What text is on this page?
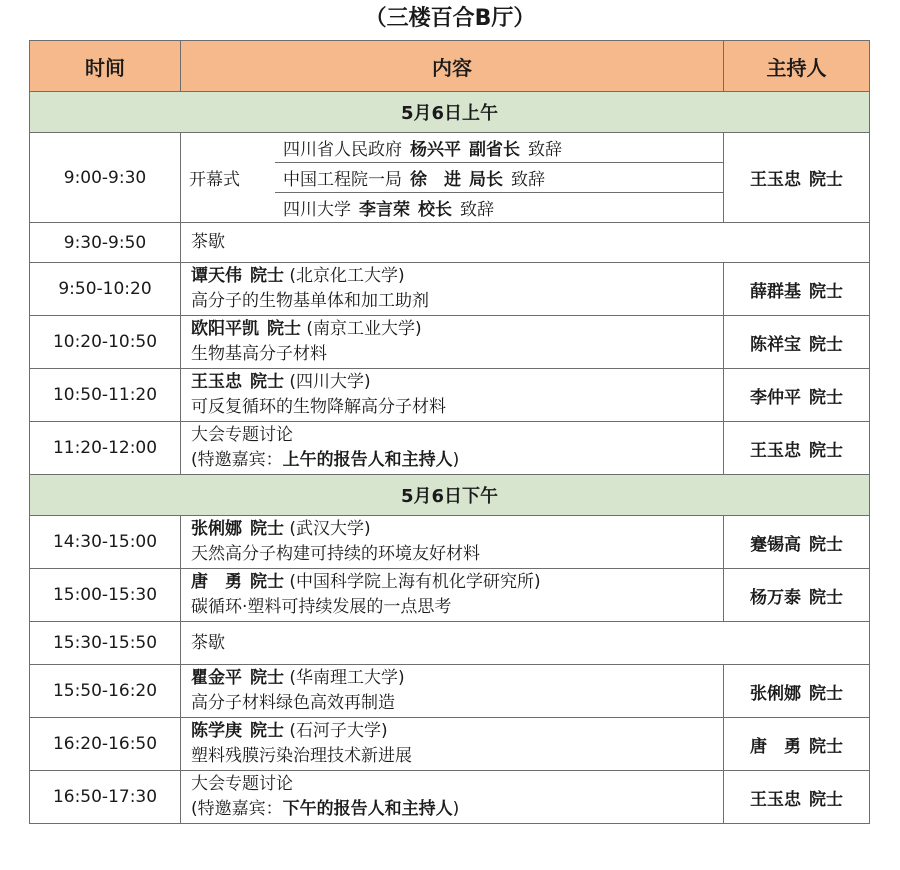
（三楼百合B厅）
时间	内容	主持人
5月6日上午
9:00-9:30		开幕式	四川省人民政府 杨兴平 副省长 致辞
中国工程院一局 徐　进 局长 致辞
四川大学 李言荣 校长 致辞
	王玉忠 院士
9:30-9:50	茶歇
9:50-10:20	谭天伟 院士 (北京化工大学)
高分子的生物基单体和加工助剂	薛群基 院士
10:20-10:50	欧阳平凯 院士 (南京工业大学)
生物基高分子材料	陈祥宝 院士
10:50-11:20	王玉忠 院士 (四川大学)
可反复循环的生物降解高分子材料	李仲平 院士
11:20-12:00	大会专题讨论
(特邀嘉宾：上午的报告人和主持人)	王玉忠 院士
5月6日下午
14:30-15:00	张俐娜 院士 (武汉大学)
天然高分子构建可持续的环境友好材料	蹇锡高 院士
15:00-15:30	唐　勇 院士 (中国科学院上海有机化学研究所)
碳循环·塑料可持续发展的一点思考	杨万泰 院士
15:30-15:50	茶歇
15:50-16:20	瞿金平 院士 (华南理工大学)
高分子材料绿色高效再制造	张俐娜 院士
16:20-16:50	陈学庚 院士 (石河子大学)
塑料残膜污染治理技术新进展	唐　勇 院士
16:50-17:30	大会专题讨论
(特邀嘉宾：下午的报告人和主持人)	王玉忠 院士
